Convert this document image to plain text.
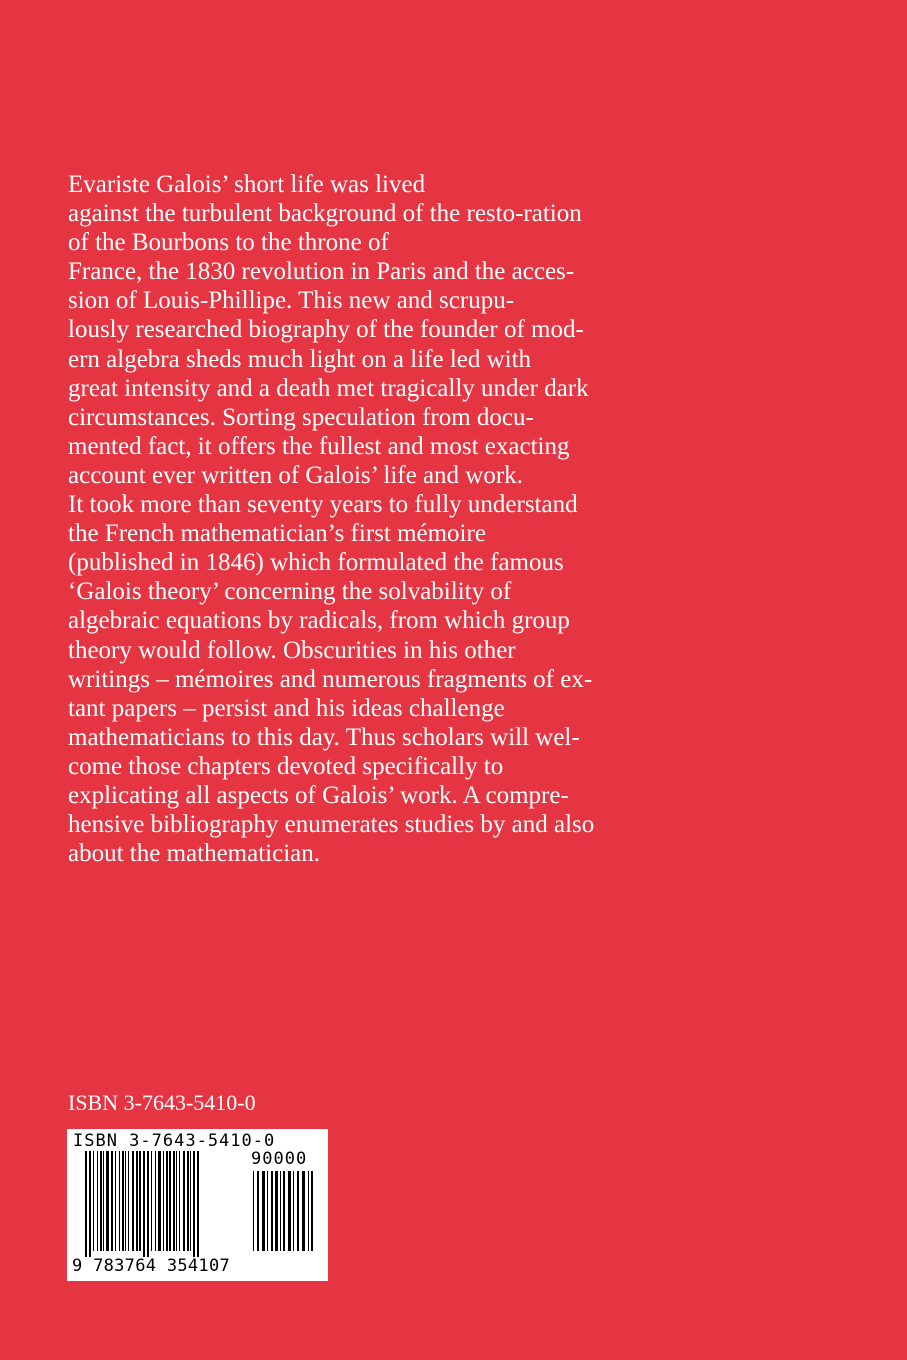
Evariste Galois’ short life was lived
against the turbulent background of the resto-ration
of the Bourbons to the throne of
France, the 1830 revolution in Paris and the acces-
sion of Louis-Phillipe. This new and scrupu-
lously researched biography of the founder of mod-
ern algebra sheds much light on a life led with
great intensity and a death met tragically under dark
circumstances. Sorting speculation from docu-
mented fact, it offers the fullest and most exacting
account ever written of Galois’ life and work.
It took more than seventy years to fully understand
the French mathematician’s first mémoire
(published in 1846) which formulated the famous
‘Galois theory’ concerning the solvability of
algebraic equations by radicals, from which group
theory would follow. Obscurities in his other
writings – mémoires and numerous fragments of ex-
tant papers – persist and his ideas challenge
mathematicians to this day. Thus scholars will wel-
come those chapters devoted specifically to
explicating all aspects of Galois’ work. A compre-
hensive bibliography enumerates studies by and also
about the mathematician.
ISBN 3-7643-5410-0
ISBN 3-7643-5410-0
90000
9 783764 354107
